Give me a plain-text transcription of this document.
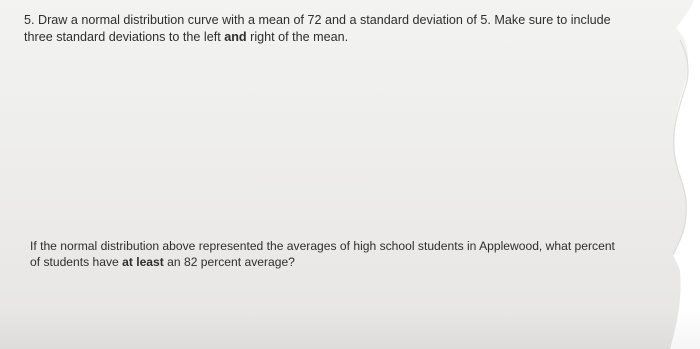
5. Draw a normal distribution curve with a mean of 72 and a standard deviation of 5. Make sure to include
three standard deviations to the left and right of the mean.

If the normal distribution above represented the averages of high school students in Applewood, what percent
of students have at least an 82 percent average?
